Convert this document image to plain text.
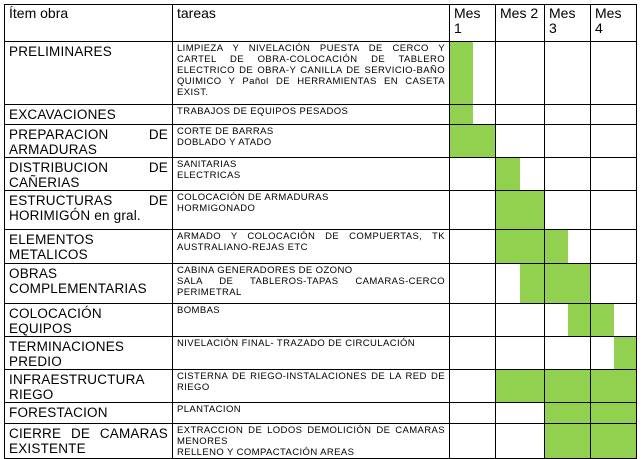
Ítem obra	tareas	Mes 1	Mes 2	Mes 3	Mes 4
PRELIMINARES	LIMPIEZA Y NIVELACIÓN PUESTA DE CERCO Y CARTEL DE OBRA-COLOCACIÓN DE TABLERO ELECTRICO DE OBRA-Y CANILLA DE SERVICIO-BAÑO QUIMICO Y Pañol DE HERRAMIENTAS EN CASETA EXIST.				

EXCAVACIONES	TRABAJOS DE EQUIPOS PESADOS				

PREPARACION DE ARMADURAS	CORTE DE BARRAS
DOBLADO Y ATADO				

DISTRIBUCION DE CAÑERIAS	SANITARIAS
ELECTRICAS				

ESTRUCTURAS DE HORIMIGÓN en gral.	COLOCACIÓN DE ARMADURAS
HORMIGONADO				

ELEMENTOS METALICOS	ARMADO Y COLOCACIÓN DE COMPUERTAS, TK AUSTRALIANO-REJAS ETC				

OBRAS COMPLEMENTARIAS	CABINA GENERADORES DE OZONO
SALA DE TABLEROS-TAPAS CAMARAS-CERCO PERIMETRAL				

COLOCACIÓN EQUIPOS	BOMBAS				

TERMINACIONES PREDIO	NIVELACIÓN FINAL- TRAZADO DE CIRCULACIÓN				

INFRAESTRUCTURA RIEGO	CISTERNA DE RIEGO-INSTALACIONES DE LA RED DE RIEGO				

FORESTACION	PLANTACION				

CIERRE DE CAMARAS EXISTENTE	EXTRACCION DE LODOS DEMOLICIÓN DE CAMARAS MENORES
RELLENO Y COMPACTACIÓN AREAS				
